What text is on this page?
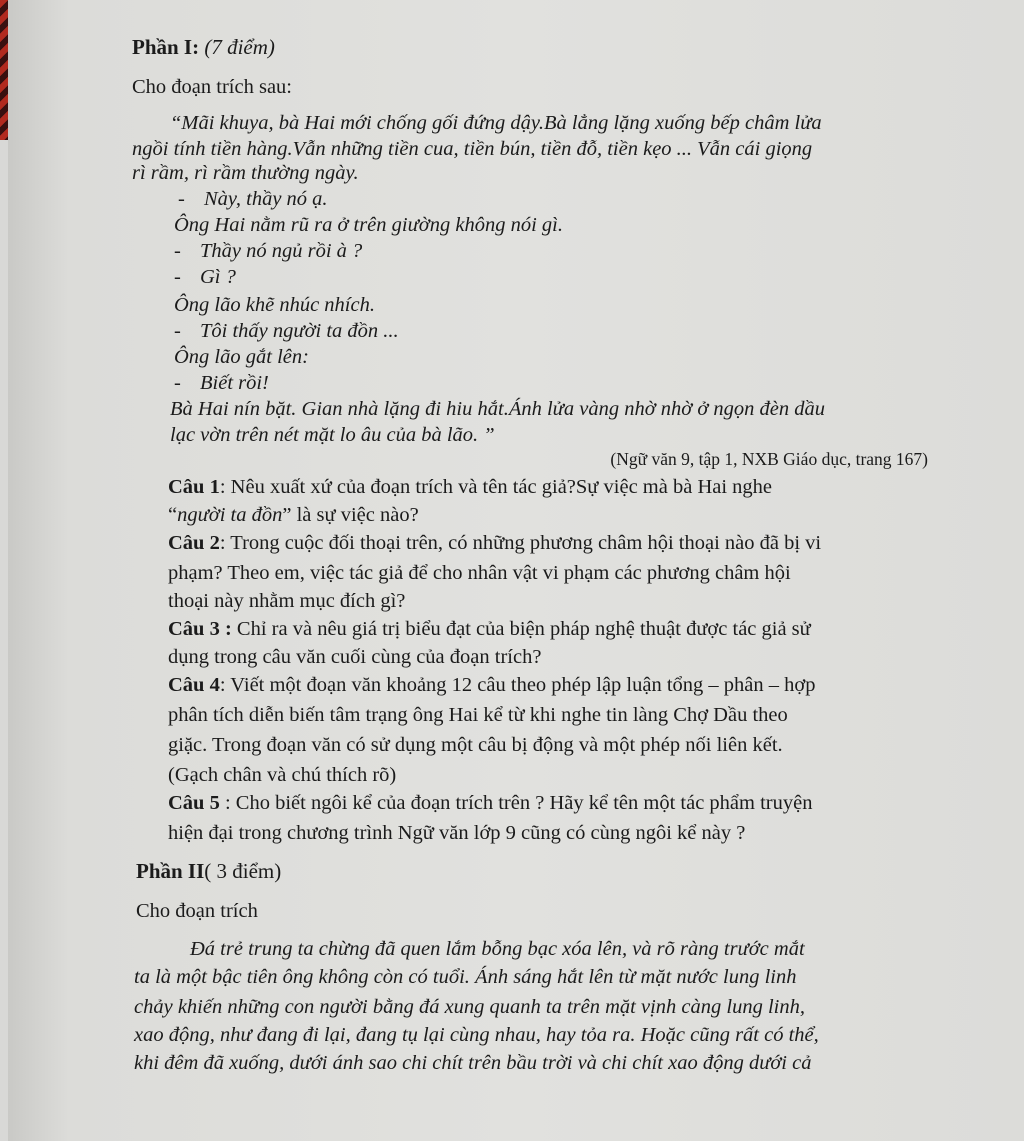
Phần I: (7 điểm)
Cho đoạn trích sau:
“Mãi khuya, bà Hai mới chống gối đứng dậy.Bà lẳng lặng xuống bếp châm lửa
ngồi tính tiền hàng.Vẫn những tiền cua, tiền bún, tiền đỗ, tiền kẹo ... Vẫn cái giọng
rì rầm, rì rầm thường ngày.
- Này, thầy nó ạ.
Ông Hai nằm rũ ra ở trên giường không nói gì.
- Thầy nó ngủ rồi à ?
- Gì ?
Ông lão khẽ nhúc nhích.
- Tôi thấy người ta đồn ...
Ông lão gắt lên:
- Biết rồi!
Bà Hai nín bặt. Gian nhà lặng đi hiu hắt.Ánh lửa vàng nhờ nhờ ở ngọn đèn dầu
lạc vờn trên nét mặt lo âu của bà lão. ”
(Ngữ văn 9, tập 1, NXB Giáo dục, trang 167)
Câu 1: Nêu xuất xứ của đoạn trích và tên tác giả?Sự việc mà bà Hai nghe
“người ta đồn” là sự việc nào?
Câu 2: Trong cuộc đối thoại trên, có những phương châm hội thoại nào đã bị vi
phạm? Theo em, việc tác giả để cho nhân vật vi phạm các phương châm hội
thoại này nhằm mục đích gì?
Câu 3 : Chỉ ra và nêu giá trị biểu đạt của biện pháp nghệ thuật được tác giả sử
dụng trong câu văn cuối cùng của đoạn trích?
Câu 4: Viết một đoạn văn khoảng 12 câu theo phép lập luận tổng – phân – hợp
phân tích diễn biến tâm trạng ông Hai kể từ khi nghe tin làng Chợ Dầu theo
giặc. Trong đoạn văn có sử dụng một câu bị động và một phép nối liên kết.
(Gạch chân và chú thích rõ)
Câu 5 : Cho biết ngôi kể của đoạn trích trên ? Hãy kể tên một tác phẩm truyện
hiện đại trong chương trình Ngữ văn lớp 9 cũng có cùng ngôi kể này ?
Phần II( 3 điểm)
Cho đoạn trích
Đá trẻ trung ta chừng đã quen lắm bỗng bạc xóa lên, và rõ ràng trước mắt
ta là một bậc tiên ông không còn có tuổi. Ánh sáng hắt lên từ mặt nước lung linh
chảy khiến những con người bằng đá xung quanh ta trên mặt vịnh càng lung linh,
xao động, như đang đi lại, đang tụ lại cùng nhau, hay tỏa ra. Hoặc cũng rất có thể,
khi đêm đã xuống, dưới ánh sao chi chít trên bầu trời và chi chít xao động dưới cả
